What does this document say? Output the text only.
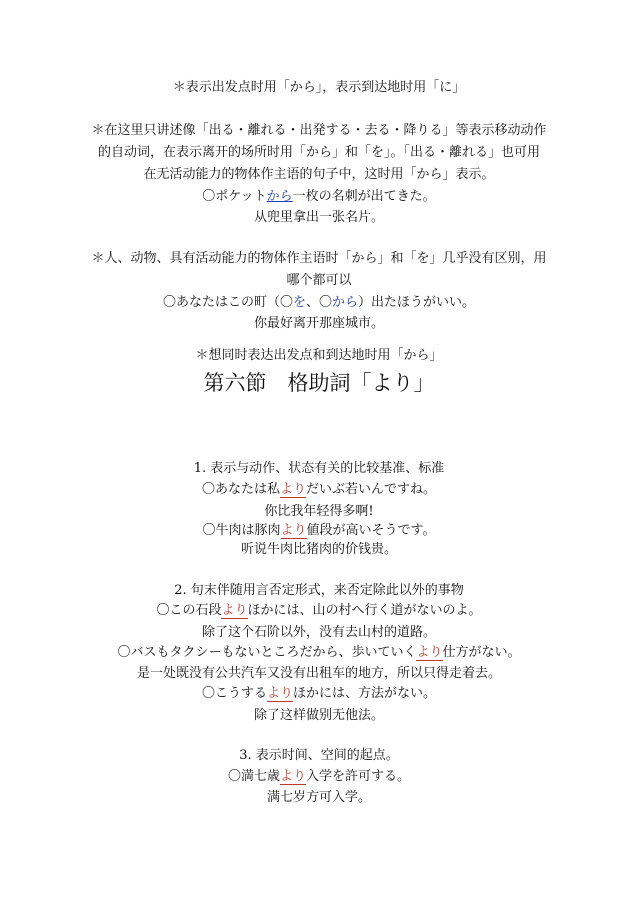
＊表示出发点时用「から」，表示到达地时用「に」
＊在这里只讲述像「出る・離れる・出発する・去る・降りる」等表示移动动作
的自动词，在表示离开的场所时用「から」和「を」。「出る・離れる」也可用
在无活动能力的物体作主语的句子中，这时用「から」表示。
〇ポケットから一枚の名刺が出てきた。
从兜里拿出一张名片。
＊人、动物、具有活动能力的物体作主语时「から」和「を」几乎没有区别，用
哪个都可以
〇あなたはこの町（〇を、〇から）出たほうがいい。
你最好离开那座城市。
＊想同时表达出发点和到达地时用「から」
第六節　格助詞「より」
1. 表示与动作、状态有关的比较基准、标准
〇あなたは私よりだいぶ若いんですね。
你比我年轻得多啊!
〇牛肉は豚肉より値段が高いそうです。
听说牛肉比猪肉的价钱贵。
2. 句末伴随用言否定形式，来否定除此以外的事物
〇この石段よりほかには、山の村へ行く道がないのよ。
除了这个石阶以外，没有去山村的道路。
〇バスもタクシーもないところだから、歩いていくより仕方がない。
是一处既没有公共汽车又没有出租车的地方，所以只得走着去。
〇こうするよりほかには、方法がない。
除了这样做别无他法。
3. 表示时间、空间的起点。
〇満七歳より入学を許可する。
满七岁方可入学。
